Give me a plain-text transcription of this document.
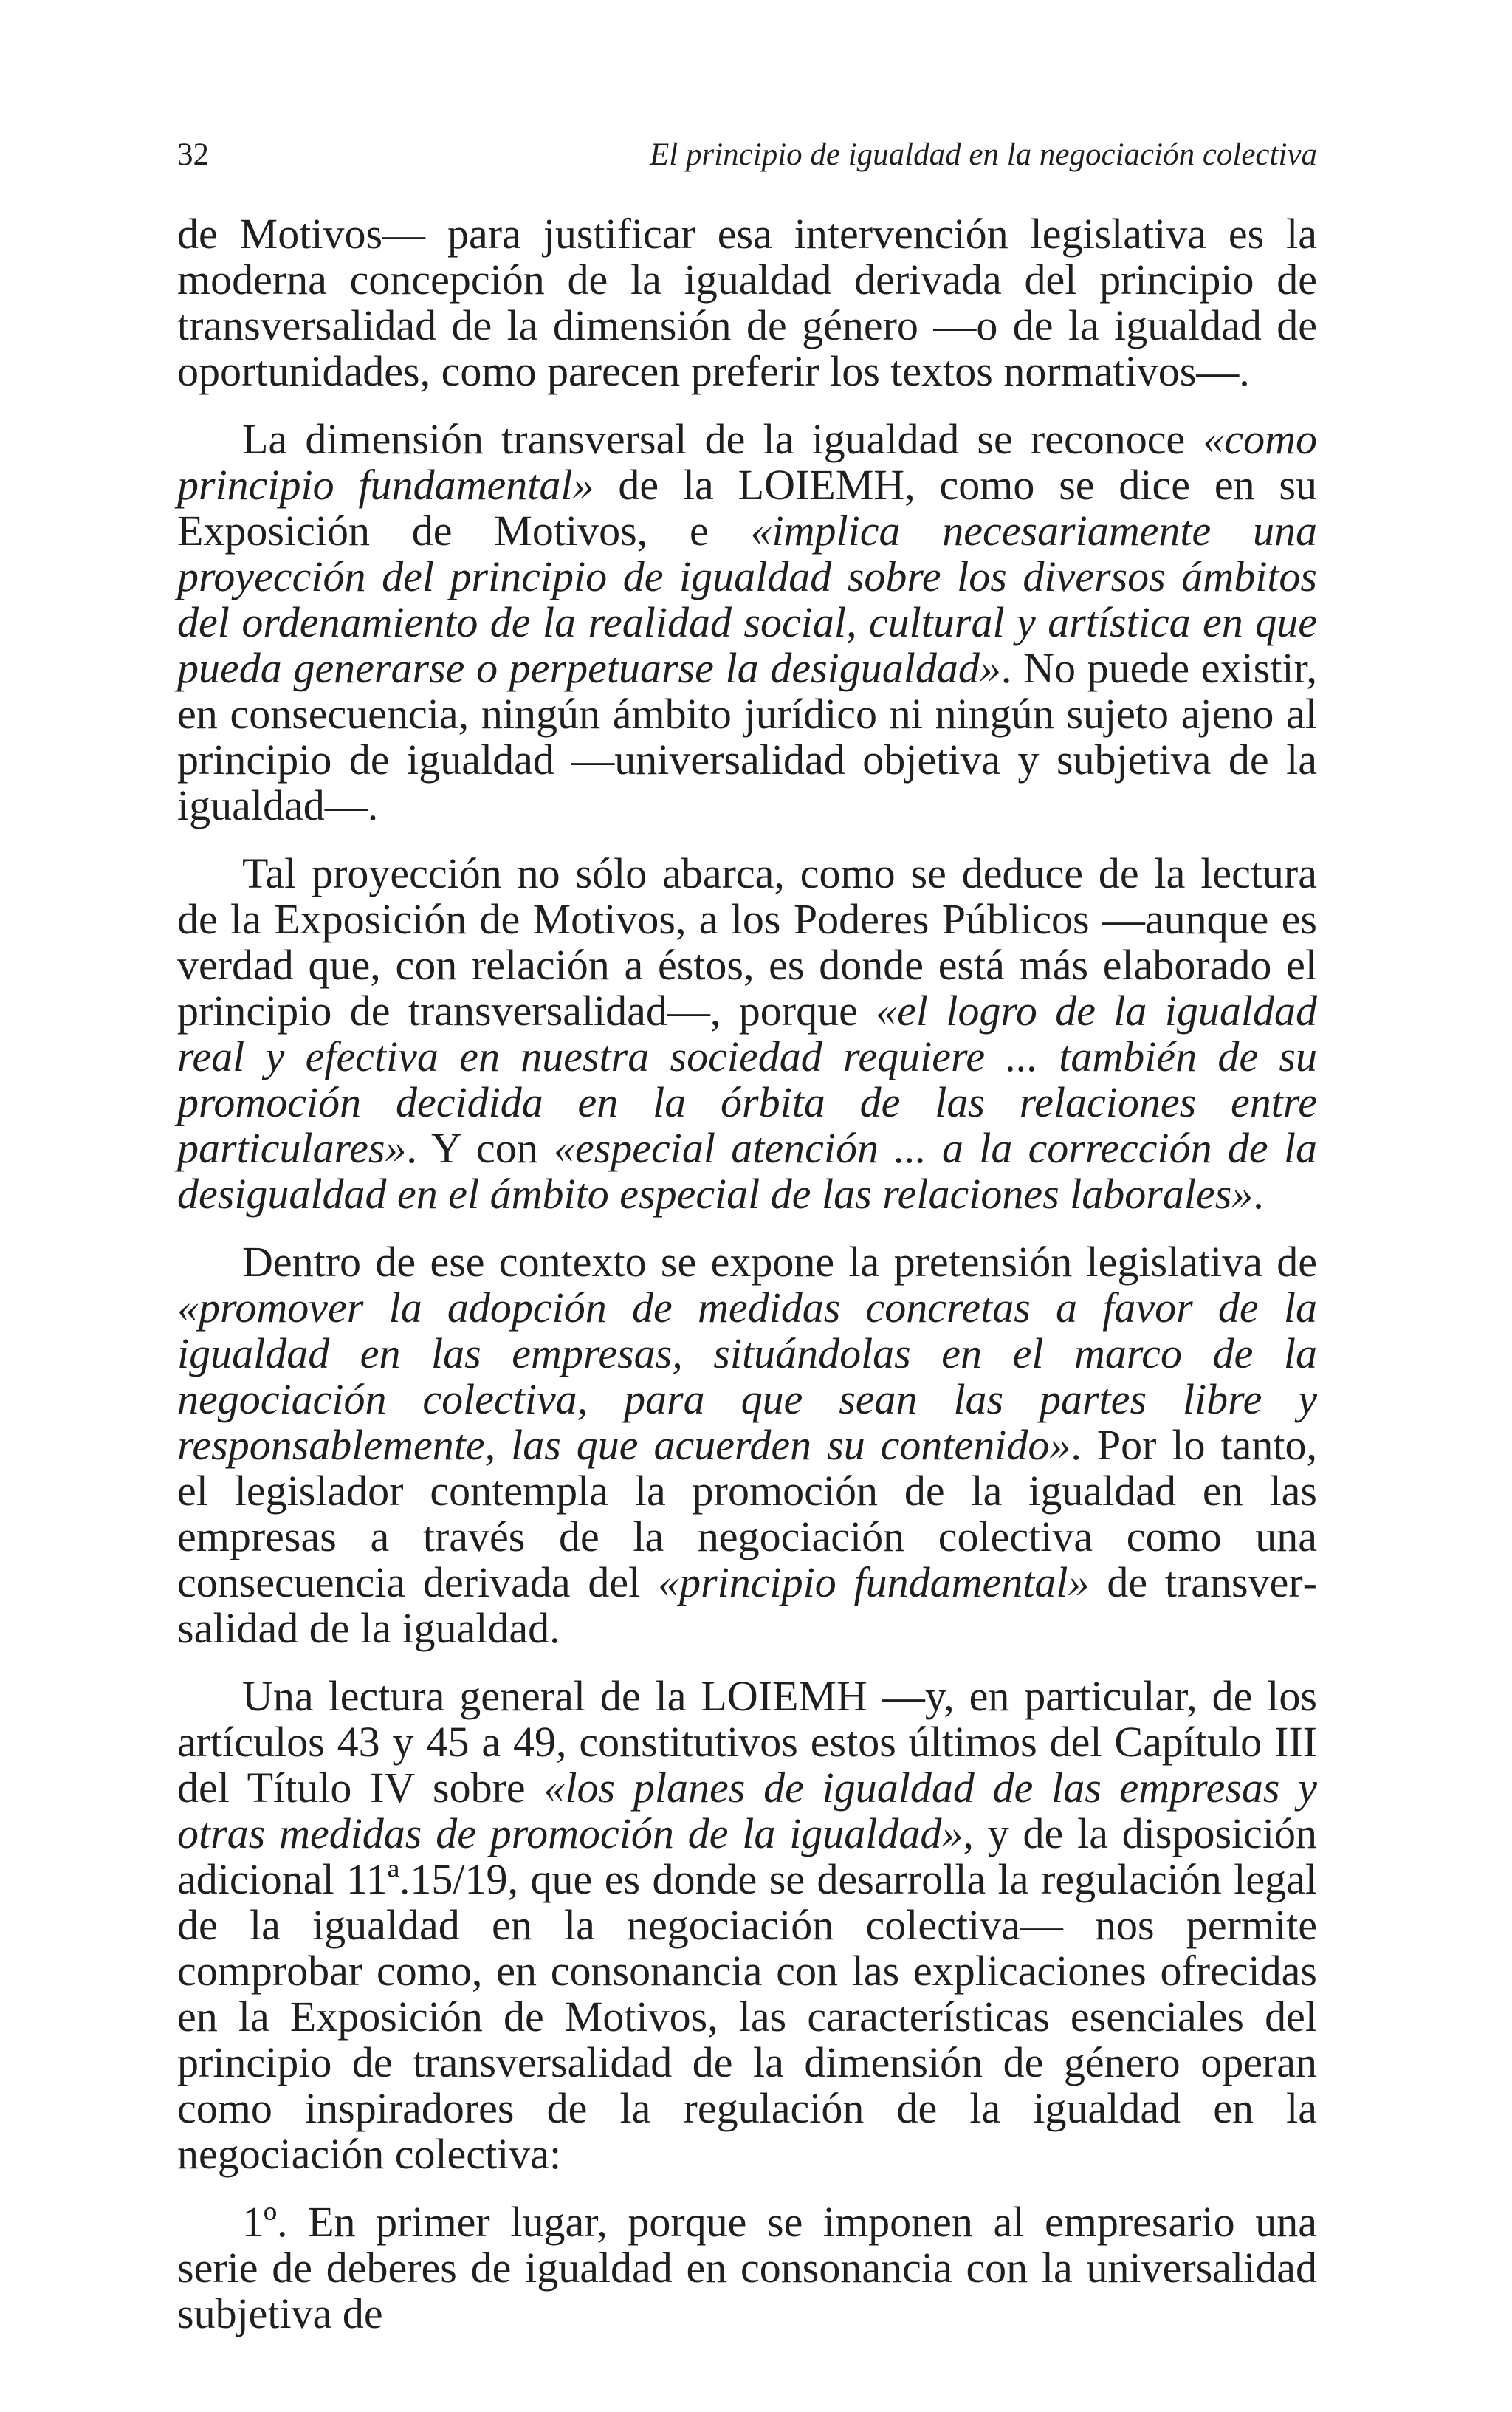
32	El principio de igualdad en la negociación colectiva

de Motivos— para justificar esa intervención legislativa es la moderna concepción de la igualdad derivada del principio de transversalidad de la dimensión de género —o de la igualdad de oportunidades, como parecen preferir los textos normativos—.

La dimensión transversal de la igualdad se reconoce «como principio fundamental» de la LOIEMH, como se dice en su Exposición de Motivos, e «implica necesariamente una proyección del principio de igualdad sobre los diversos ámbitos del ordenamiento de la realidad social, cultural y artística en que pueda generarse o perpetuarse la desigualdad». No puede existir, en consecuencia, ningún ámbito jurídico ni ningún sujeto ajeno al principio de igualdad —universalidad objetiva y subjetiva de la igualdad—.

Tal proyección no sólo abarca, como se deduce de la lectura de la Exposición de Motivos, a los Poderes Públicos —aunque es verdad que, con relación a éstos, es donde está más elaborado el principio de transversalidad—, porque «el logro de la igualdad real y efectiva en nuestra sociedad requiere ... también de su promoción decidida en la órbita de las relaciones entre particulares». Y con «especial atención ... a la corrección de la desigualdad en el ámbito especial de las relaciones laborales».

Dentro de ese contexto se expone la pretensión legislativa de «promover la adopción de medidas concretas a favor de la igualdad en las empresas, situándolas en el marco de la negociación colectiva, para que sean las partes libre y responsablemente, las que acuerden su contenido». Por lo tanto, el legislador contempla la promoción de la igualdad en las empresas a través de la negociación colectiva como una consecuencia derivada del «principio fundamental» de transversalidad de la igualdad.

Una lectura general de la LOIEMH —y, en particular, de los artículos 43 y 45 a 49, constitutivos estos últimos del Capítulo III del Título IV sobre «los planes de igualdad de las empresas y otras medidas de promoción de la igualdad», y de la disposición adicional 11ª.15/19, que es donde se desarrolla la regulación legal de la igualdad en la negociación colectiva— nos permite comprobar como, en consonancia con las explicaciones ofrecidas en la Exposición de Motivos, las características esenciales del principio de transversalidad de la dimensión de género operan como inspiradores de la regulación de la igualdad en la negociación colectiva:

1º. En primer lugar, porque se imponen al empresario una serie de deberes de igualdad en consonancia con la universalidad subjetiva de
